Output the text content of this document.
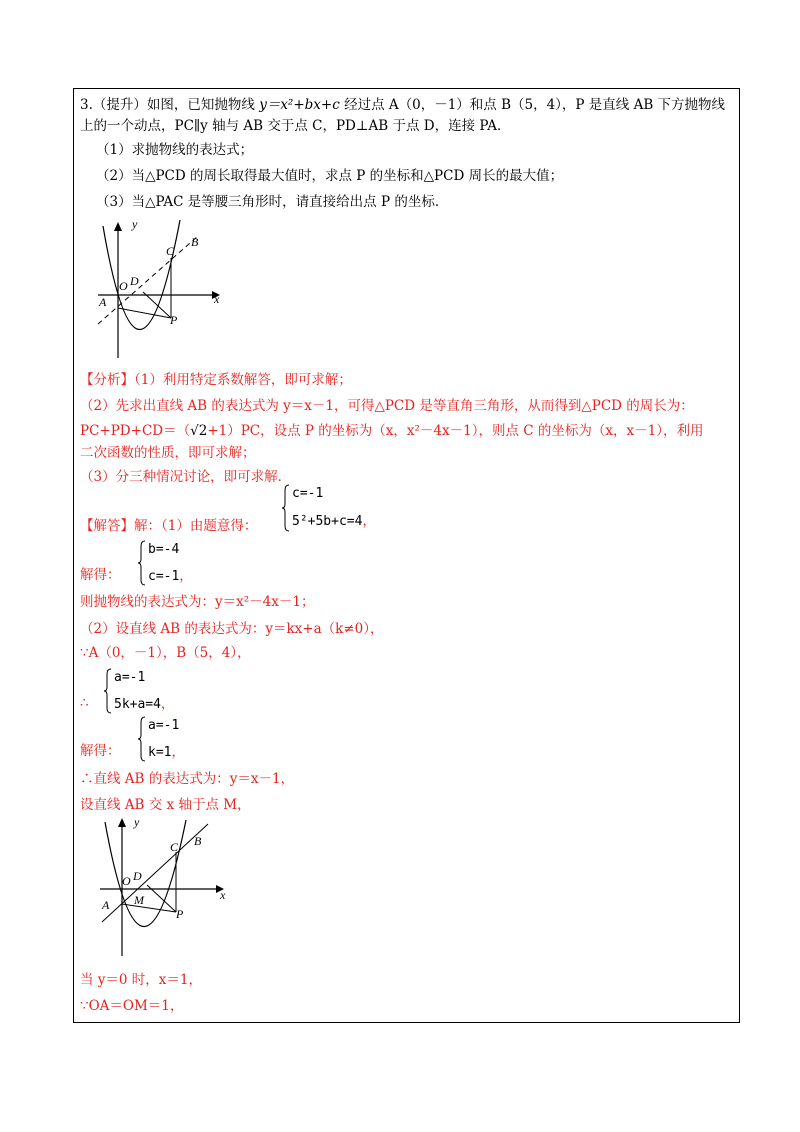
3.（提升）如图，已知抛物线 y＝x²+bx+c 经过点 A（0，－1）和点 B（5，4），P 是直线 AB 下方抛物线
上的一个动点，PC∥y 轴与 AB 交于点 C，PD⊥AB 于点 D，连接 PA．
（1）求抛物线的表达式；
（2）当△PCD 的周长取得最大值时，求点 P 的坐标和△PCD 周长的最大值；
（3）当△PAC 是等腰三角形时，请直接给出点 P 的坐标．
y
x
A
O D
C
B
P
【分析】（1）利用特定系数解答，即可求解；
（2）先求出直线 AB 的表达式为 y＝x－1，可得△PCD 是等直角三角形，从而得到△PCD 的周长为：
PC+PD+CD＝（√2+1）PC，设点 P 的坐标为（x，x²－4x－1），则点 C 的坐标为（x，x－1），利用
二次函数的性质，即可求解；
（3）分三种情况讨论，即可求解．
【解答】解：（1）由题意得：
c=-1
5²+5b+c=4，
解得：
b=-4
c=-1，
则抛物线的表达式为：y＝x²－4x－1；
（2）设直线 AB 的表达式为：y＝kx+a（k≠0），
∵A（0，－1），B（5，4），
∴
a=-1
5k+a=4，
解得：
a=-1
k=1，
∴直线 AB 的表达式为：y＝x－1，
设直线 AB 交 x 轴于点 M，
y
x
A
O D
M
C B
P
当 y＝0 时，x＝1，
∵OA＝OM＝1，
